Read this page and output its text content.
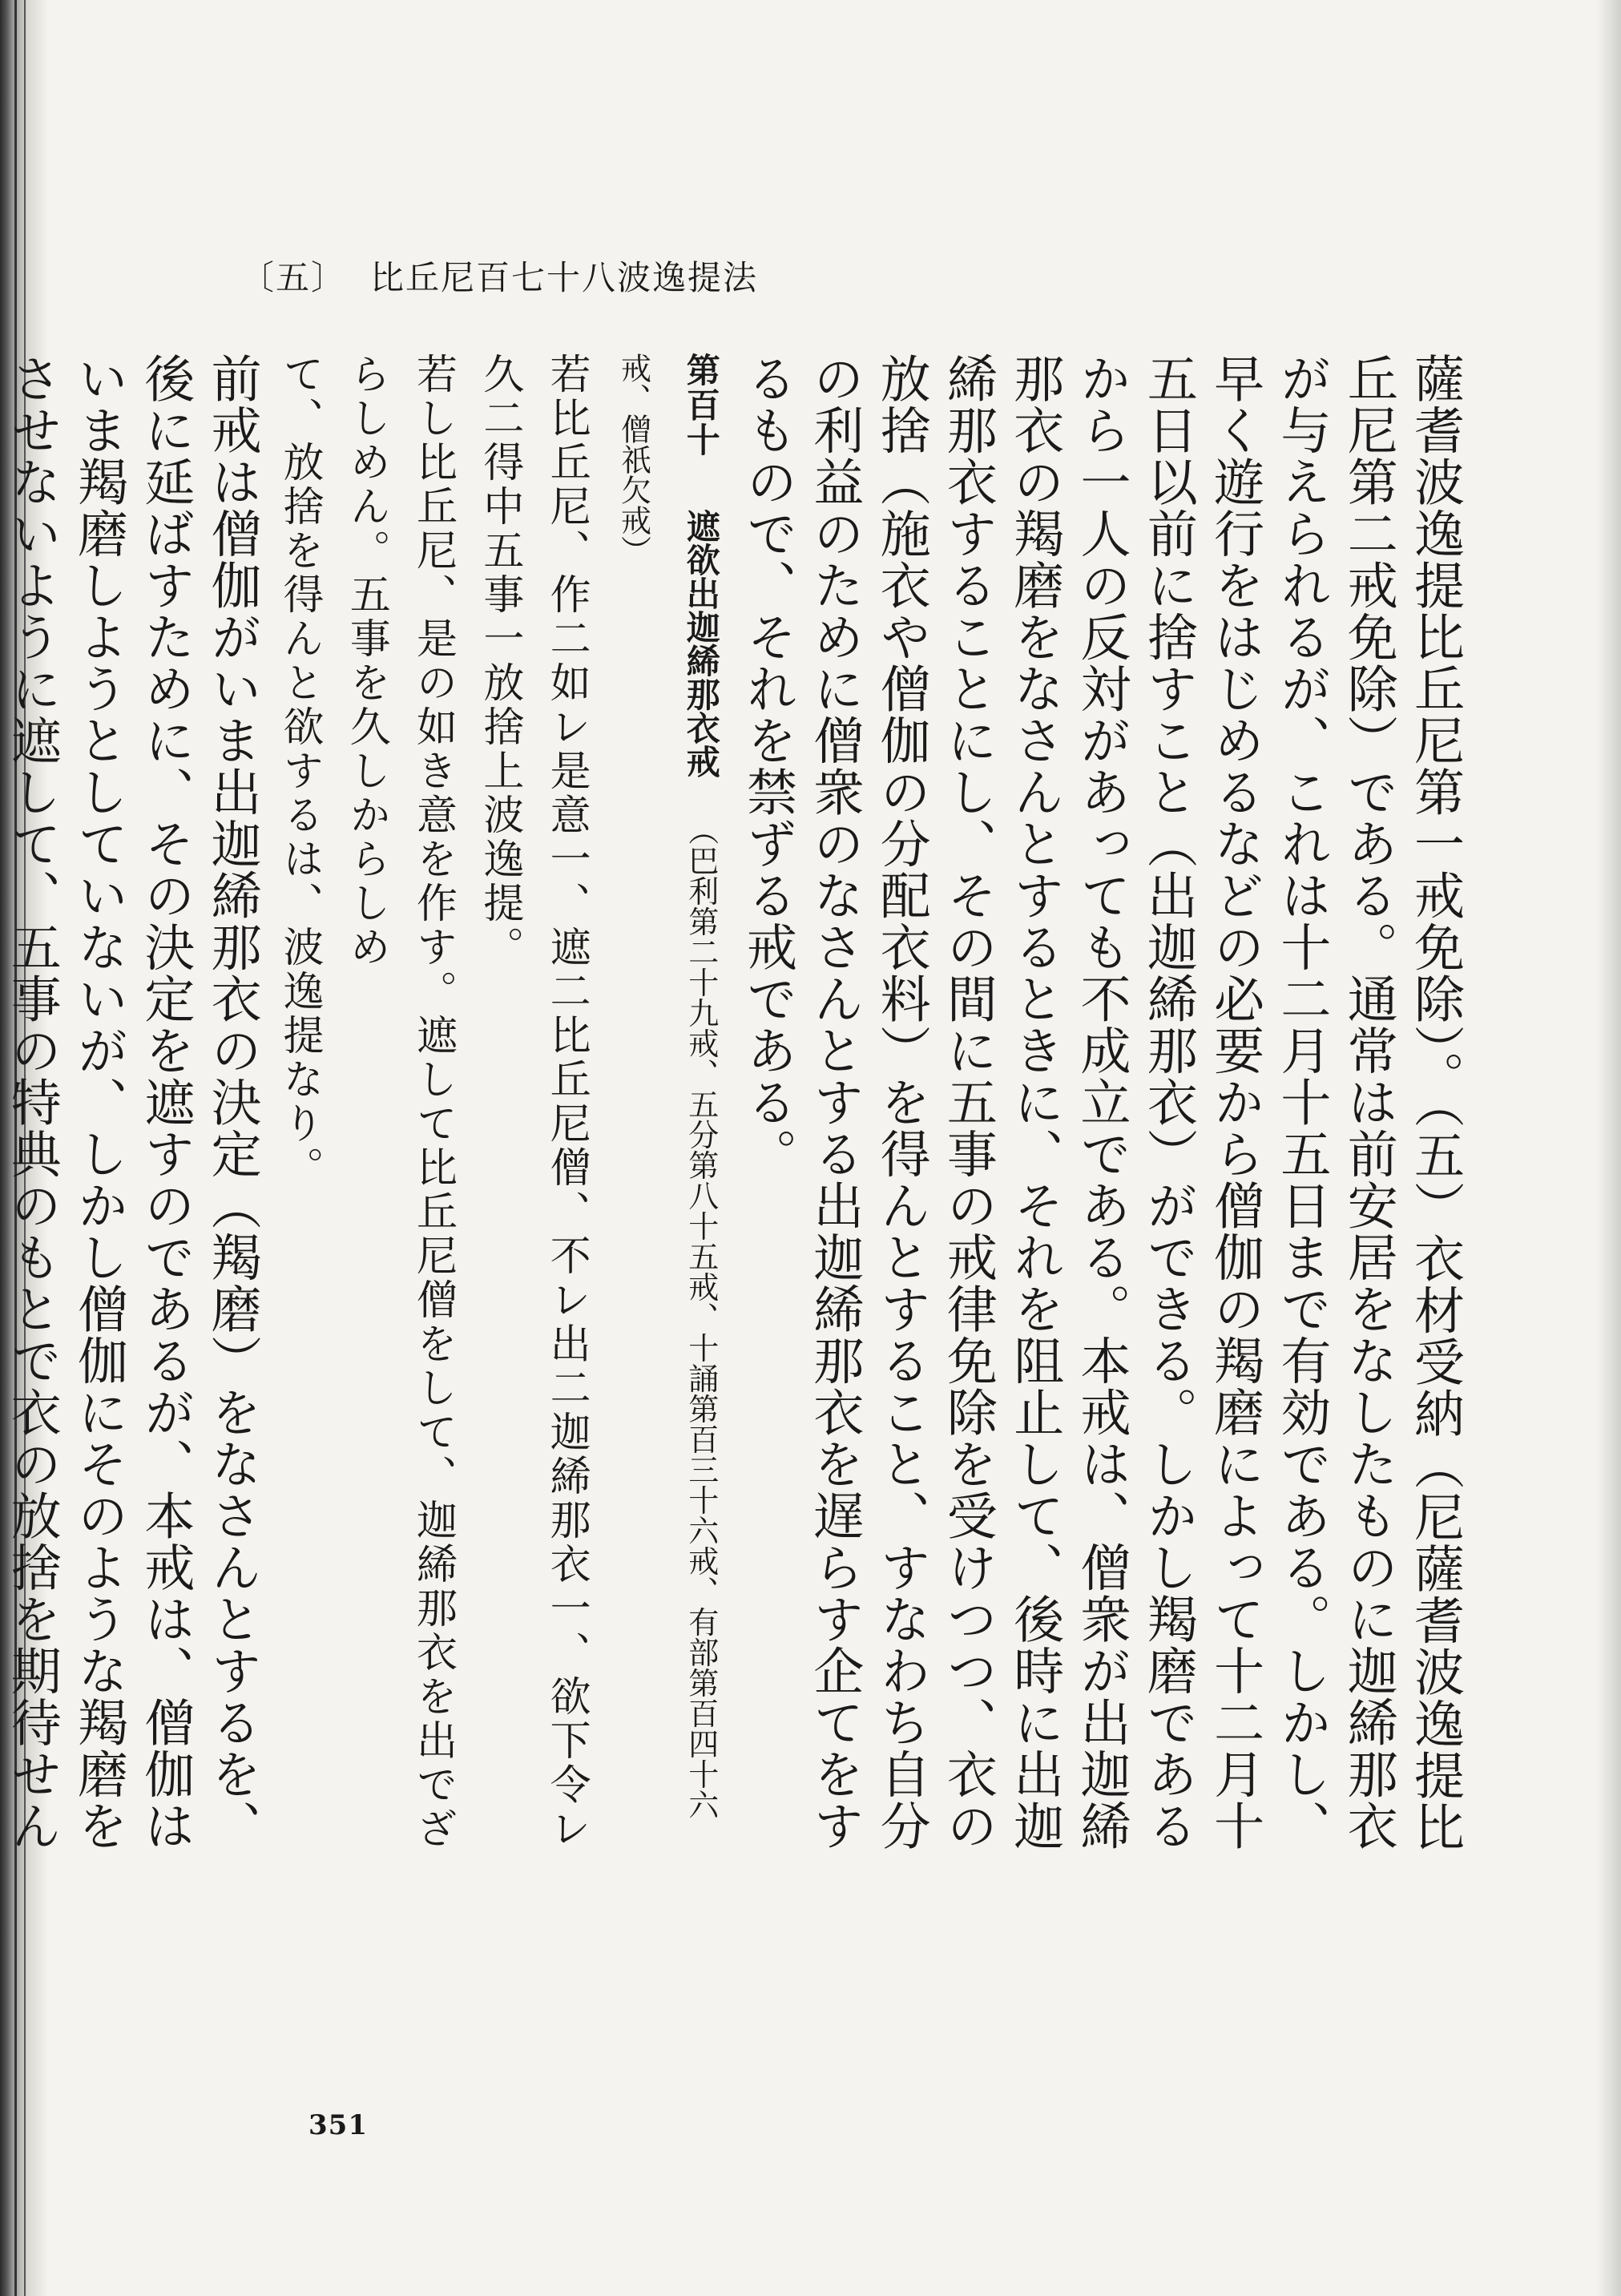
〔五〕 比丘尼百七十八波逸提法

薩耆波逸提比丘尼第一戒免除）。（五）衣材受納（尼薩耆波逸提比丘尼第二戒免除）である。通常は前安居をなしたものに迦絺那衣が与えられるが、これは十二月十五日まで有効である。しかし、早く遊行をはじめるなどの必要から僧伽の羯磨によって十二月十五日以前に捨すこと（出迦絺那衣）ができる。しかし羯磨であるから一人の反対があっても不成立である。本戒は、僧衆が出迦絺那衣の羯磨をなさんとするときに、それを阻止して、後時に出迦絺那衣することにし、その間に五事の戒律免除を受けつつ、衣の放捨（施衣や僧伽の分配衣料）を得んとすること、すなわち自分の利益のために僧衆のなさんとする出迦絺那衣を遅らす企てをするもので、それを禁ずる戒である。

第百十　遮欲出迦絺那衣戒　（巴利第二十九戒、五分第八十五戒、十誦第百三十六戒、有部第百四十六戒、僧祇欠戒）

若比丘尼、作二如レ是意一、遮二比丘尼僧、不レ出二迦絺那衣一、欲下令レ久二得中五事一放捨上波逸提。

若し比丘尼、是の如き意を作す。遮して比丘尼僧をして、迦絺那衣を出でざらしめん。五事を久しからしめ

て、放捨を得んと欲するは、波逸提なり。

前戒は僧伽がいま出迦絺那衣の決定（羯磨）をなさんとするを、後に延ばすために、その決定を遮すのであるが、本戒は、僧伽はいま羯磨しようとしていないが、しかし僧伽にそのような羯磨をさせないように遮して、五事の特典のもとで衣の放捨を期待せん

351
